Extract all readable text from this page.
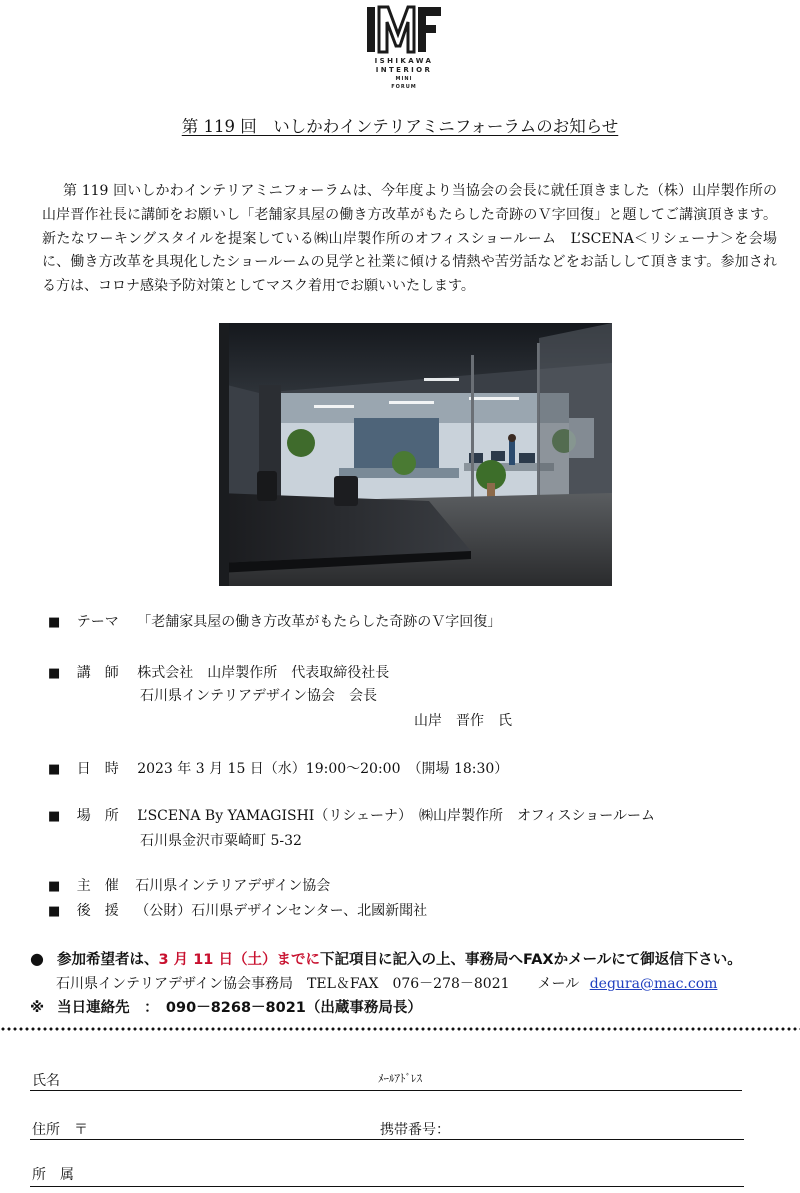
ISHIKAWA
INTERIOR
MINI
FORUM
第 119 回　いしかわインテリアミニフォーラムのお知らせ

第 119 回いしかわインテリアミニフォーラムは、今年度より当協会の会長に就任頂きました（株）山岸製作所の山岸晋作社長に講師をお願いし「老舗家具屋の働き方改革がもたらした奇跡のＶ字回復」と題してご講演頂きます。新たなワーキングスタイルを提案している㈱山岸製作所のオフィスショールーム　L’SCENA＜リシェーナ＞を会場に、働き方改革を具現化したショールームの見学と社業に傾ける情熱や苦労話などをお話しして頂きます。参加される方は、コロナ感染予防対策としてマスク着用でお願いいたします。

■ テーマ 「老舗家具屋の働き方改革がもたらした奇跡のＶ字回復」
■ 講　師 株式会社　山岸製作所　代表取締役社長
石川県インテリアデザイン協会　会長
山岸　晋作　氏
■ 日　時 2023 年 3 月 15 日（水）19:00～20:00　（開場 18:30）
■ 場　所 L’SCENA By YAMAGISHI（リシェーナ）　㈱山岸製作所　オフィスショールーム
石川県金沢市粟崎町 5-32
■ 主　催 石川県インテリアデザイン協会
■ 後　援 （公財）石川県デザインセンター、北國新聞社
● 参加希望者は、3 月 11 日（土）までに下記項目に記入の上、事務局へFAXかメールにて御返信下さい。
石川県インテリアデザイン協会事務局　TEL＆FAX　076－278－8021　　メール degura@mac.com
※ 当日連絡先　：　090－8268－8021（出蔵事務局長）
氏名	ﾒｰﾙｱﾄﾞﾚｽ
住所　〒	携帯番号：
所　属
